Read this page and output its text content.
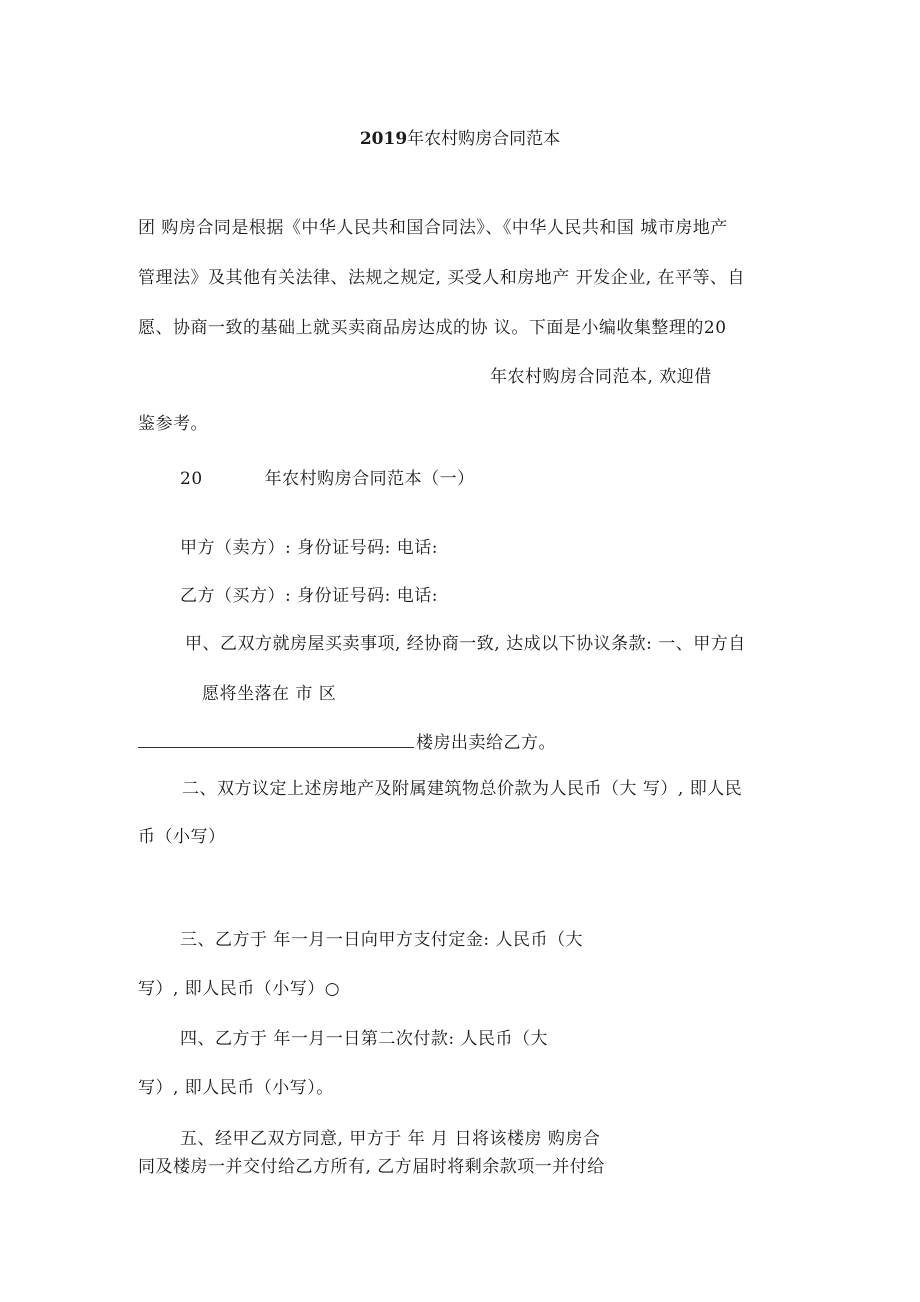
2019年农村购房合同范本
团 购房合同是根据《中华人民共和国合同法》、《中华人民共和国 城市房地产
管理法》及其他有关法律、法规之规定, 买受人和房地产 开发企业, 在平等、自
愿、协商一致的基础上就买卖商品房达成的协 议。下面是小编收集整理的20
年农村购房合同范本, 欢迎借
鉴参考。
20	年农村购房合同范本（一）
甲方（卖方）: 身份证号码: 电话:
乙方（买方）: 身份证号码: 电话:
甲、乙双方就房屋买卖事项, 经协商一致, 达成以下协议条款: 一、甲方自
愿将坐落在 市 区
楼房出卖给乙方。
二、双方议定上述房地产及附属建筑物总价款为人民币（大 写）, 即人民
币（小写）
三、乙方于 年一月一日向甲方支付定金: 人民币（大
写）, 即人民币（小写）○
四、乙方于 年一月一日第二次付款: 人民币（大
写）, 即人民币（小写）。
五、经甲乙双方同意, 甲方于 年 月 日将该楼房 购房合
同及楼房一并交付给乙方所有, 乙方届时将剩余款项一并付给
